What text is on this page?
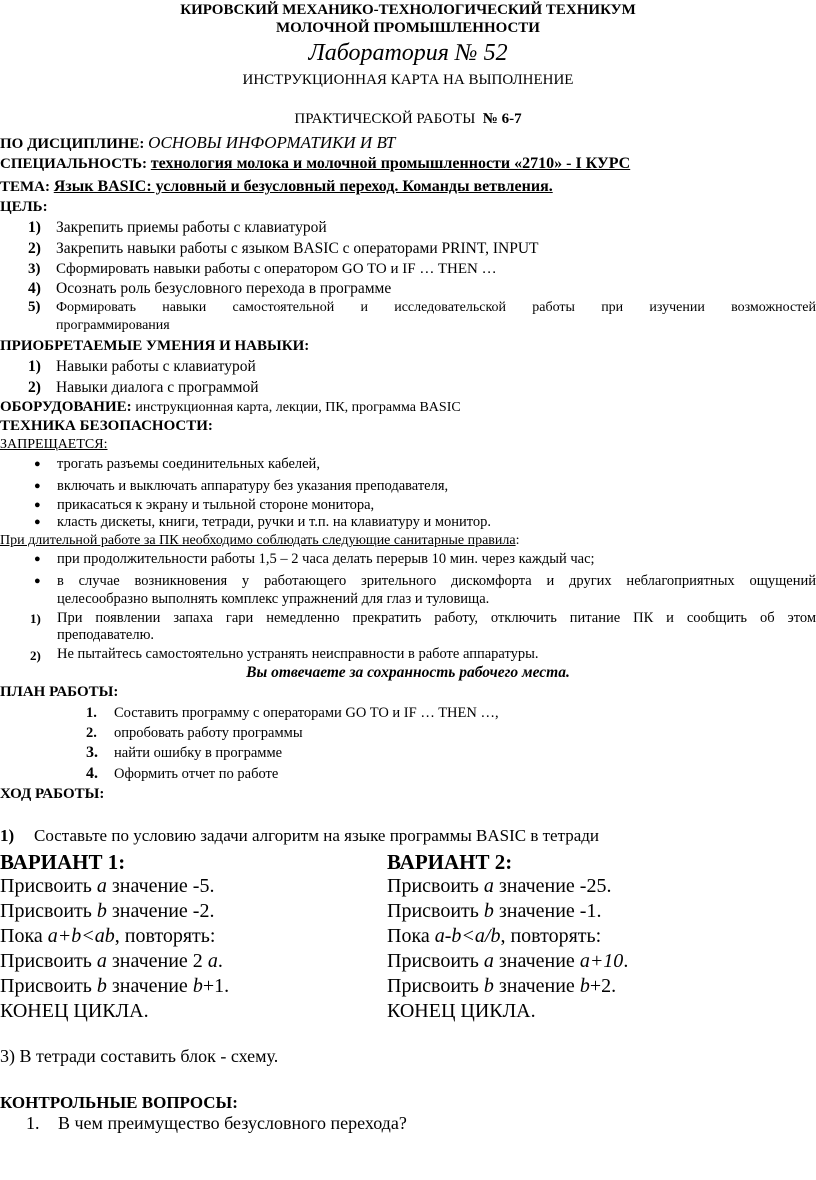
КИРОВСКИЙ МЕХАНИКО-ТЕХНОЛОГИЧЕСКИЙ ТЕХНИКУМ
МОЛОЧНОЙ ПРОМЫШЛЕННОСТИ
Лаборатория № 52
ИНСТРУКЦИОННАЯ КАРТА НА ВЫПОЛНЕНИЕ
ПРАКТИЧЕСКОЙ РАБОТЫ № 6-7
ПО ДИСЦИПЛИНЕ: ОСНОВЫ ИНФОРМАТИКИ И ВТ
СПЕЦИАЛЬНОСТЬ: технология молока и молочной промышленности «2710» - I КУРС
ТЕМА: Язык BASIC: условный и безусловный переход. Команды ветвления.
ЦЕЛЬ:
1) Закрепить приемы работы с клавиатурой
2) Закрепить навыки работы с языком BASIC с операторами PRINT, INPUT
3) Сформировать навыки работы с оператором GO TO и IF … THEN …
4) Осознать роль безусловного перехода в программе
5)	Формировать навыки самостоятельной и исследовательской работы при изучении возможностей
программирования
ПРИОБРЕТАЕМЫЕ УМЕНИЯ И НАВЫКИ:
1) Навыки работы с клавиатурой
2) Навыки диалога с программой
ОБОРУДОВАНИЕ: инструкционная карта, лекции, ПК, программа BASIC
ТЕХНИКА БЕЗОПАСНОСТИ:
ЗАПРЕЩАЕТСЯ:
● трогать разъемы соединительных кабелей,
● включать и выключать аппаратуру без указания преподавателя,
● прикасаться к экрану и тыльной стороне монитора,
● класть дискеты, книги, тетради, ручки и т.п. на клавиатуру и монитор.
При длительной работе за ПК необходимо соблюдать следующие санитарные правила:
● при продолжительности работы 1,5 – 2 часа делать перерыв 10 мин. через каждый час;
● в случае возникновения у работающего зрительного дискомфорта и других неблагоприятных ощущений
целесообразно выполнять комплекс упражнений для глаз и туловища.
1) При появлении запаха гари немедленно прекратить работу, отключить питание ПК и сообщить об этом
преподавателю.
2) Не пытайтесь самостоятельно устранять неисправности в работе аппаратуры.
Вы отвечаете за сохранность рабочего места.
ПЛАН РАБОТЫ:
1. Составить программу с операторами GO TO и IF … THEN …,
2. опробовать работу программы
3. найти ошибку в программе
4. Оформить отчет по работе
ХОД РАБОТЫ:
1) Составьте по условию задачи алгоритм на языке программы BASIC в тетради
ВАРИАНТ 1:
Присвоить a значение -5.
Присвоить b значение -2.
Пока a+b<ab, повторять:
Присвоить a значение 2 a.
Присвоить b значение b+1.
КОНЕЦ ЦИКЛА.
ВАРИАНТ 2:
Присвоить a значение -25.
Присвоить b значение -1.
Пока a-b<a/b, повторять:
Присвоить a значение a+10.
Присвоить b значение b+2.
КОНЕЦ ЦИКЛА.
3) В тетради составить блок - схему.
КОНТРОЛЬНЫЕ ВОПРОСЫ:
1. В чем преимущество безусловного перехода?
